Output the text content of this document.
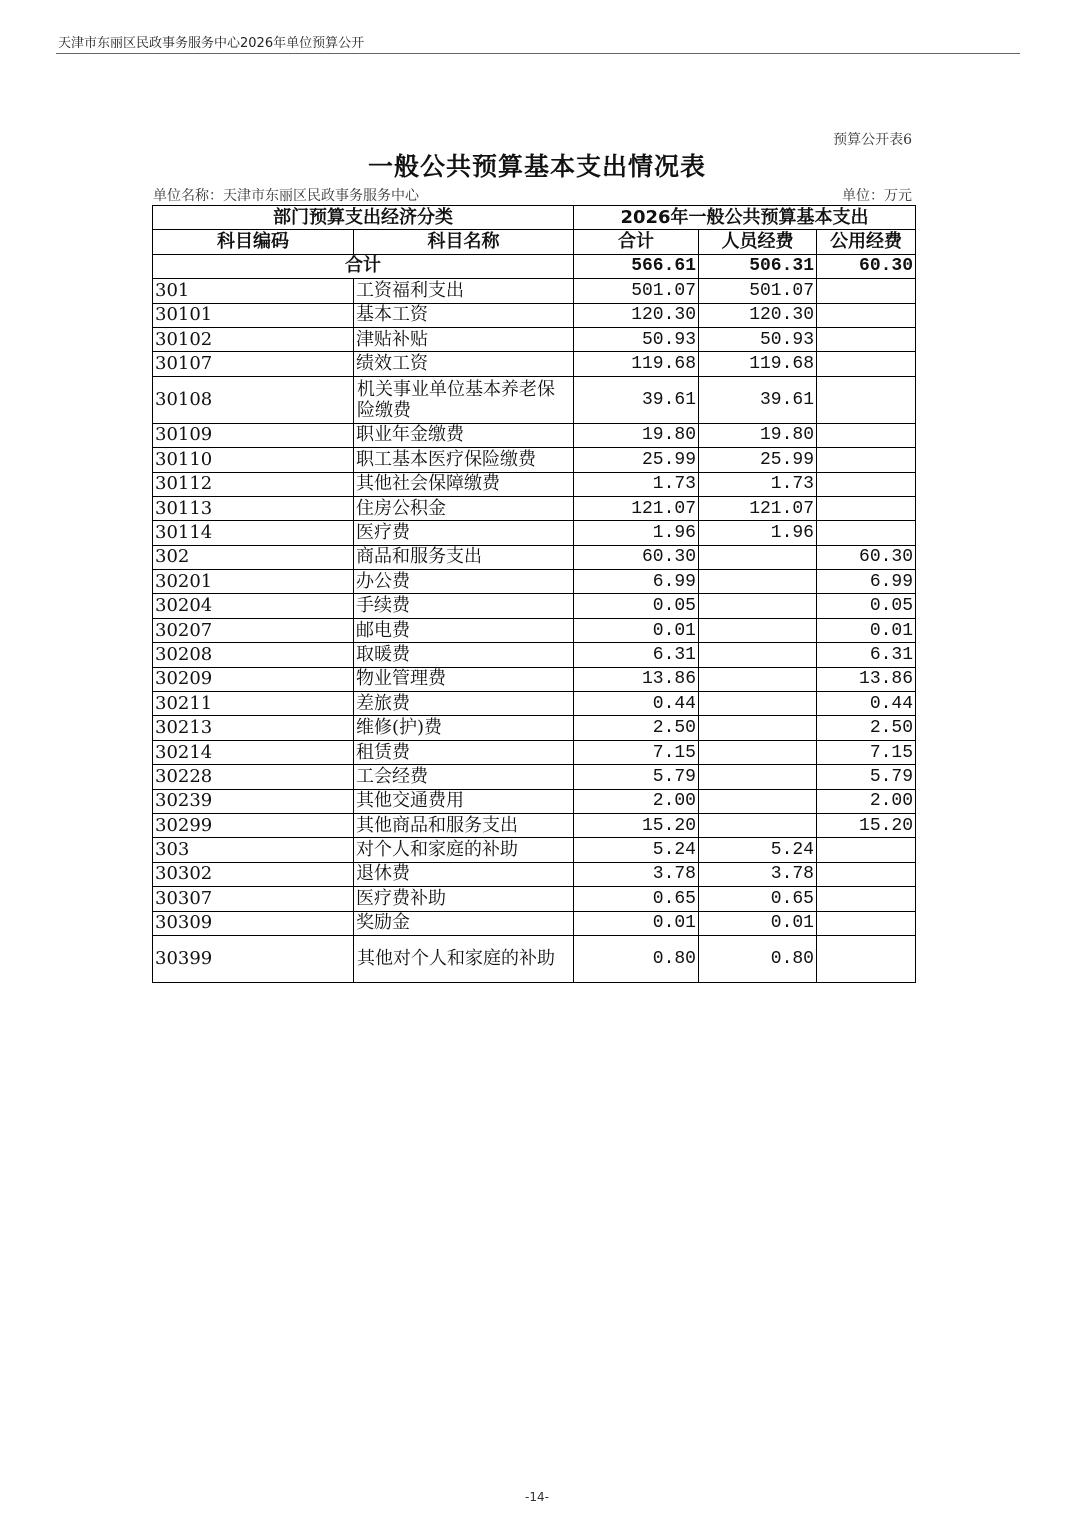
天津市东丽区民政事务服务中心2026年单位预算公开
预算公开表6
一般公共预算基本支出情况表
单位名称：天津市东丽区民政事务服务中心	单位：万元
部门预算支出经济分类		2026年一般公共预算基本支出		
科目编码	科目名称	合计	人员经费	公用经费
合计		566.61	506.31	60.30
301	工资福利支出	501.07	501.07	
30101	基本工资	120.30	120.30	
30102	津贴补贴	50.93	50.93	
30107	绩效工资	119.68	119.68	
30108	机关事业单位基本养老保险缴费	39.61	39.61	
30109	职业年金缴费	19.80	19.80	
30110	职工基本医疗保险缴费	25.99	25.99	
30112	其他社会保障缴费	1.73	1.73	
30113	住房公积金	121.07	121.07	
30114	医疗费	1.96	1.96	
302	商品和服务支出	60.30		60.30
30201	办公费	6.99		6.99
30204	手续费	0.05		0.05
30207	邮电费	0.01		0.01
30208	取暖费	6.31		6.31
30209	物业管理费	13.86		13.86
30211	差旅费	0.44		0.44
30213	维修(护)费	2.50		2.50
30214	租赁费	7.15		7.15
30228	工会经费	5.79		5.79
30239	其他交通费用	2.00		2.00
30299	其他商品和服务支出	15.20		15.20
303	对个人和家庭的补助	5.24	5.24	
30302	退休费	3.78	3.78	
30307	医疗费补助	0.65	0.65	
30309	奖励金	0.01	0.01	
30399	其他对个人和家庭的补助	0.80	0.80	
-14-
